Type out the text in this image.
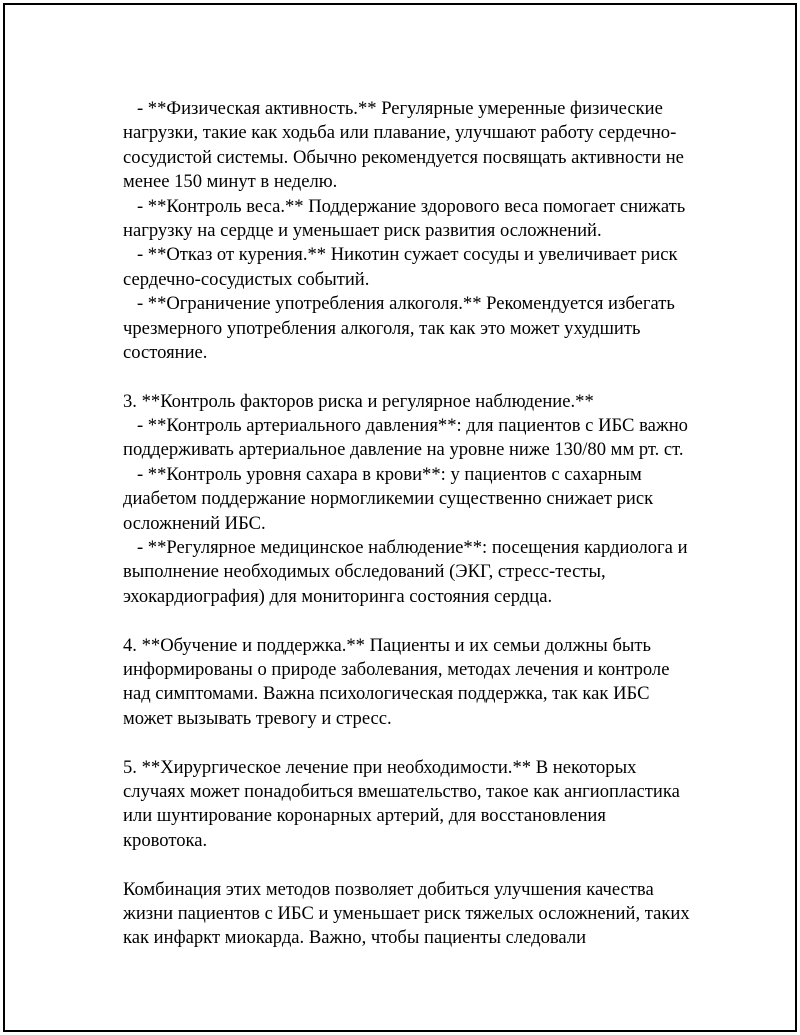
- **Физическая активность.** Регулярные умеренные физические
нагрузки, такие как ходьба или плавание, улучшают работу сердечно-
сосудистой системы. Обычно рекомендуется посвящать активности не
менее 150 минут в неделю.
- **Контроль веса.** Поддержание здорового веса помогает снижать
нагрузку на сердце и уменьшает риск развития осложнений.
- **Отказ от курения.** Никотин сужает сосуды и увеличивает риск
сердечно-сосудистых событий.
- **Ограничение употребления алкоголя.** Рекомендуется избегать
чрезмерного употребления алкоголя, так как это может ухудшить
состояние.
3. **Контроль факторов риска и регулярное наблюдение.**
- **Контроль артериального давления**: для пациентов с ИБС важно
поддерживать артериальное давление на уровне ниже 130/80 мм рт. ст.
- **Контроль уровня сахара в крови**: у пациентов с сахарным
диабетом поддержание нормогликемии существенно снижает риск
осложнений ИБС.
- **Регулярное медицинское наблюдение**: посещения кардиолога и
выполнение необходимых обследований (ЭКГ, стресс-тесты,
эхокардиография) для мониторинга состояния сердца.
4. **Обучение и поддержка.** Пациенты и их семьи должны быть
информированы о природе заболевания, методах лечения и контроле
над симптомами. Важна психологическая поддержка, так как ИБС
может вызывать тревогу и стресс.
5. **Хирургическое лечение при необходимости.** В некоторых
случаях может понадобиться вмешательство, такое как ангиопластика
или шунтирование коронарных артерий, для восстановления
кровотока.
Комбинация этих методов позволяет добиться улучшения качества
жизни пациентов с ИБС и уменьшает риск тяжелых осложнений, таких
как инфаркт миокарда. Важно, чтобы пациенты следовали
